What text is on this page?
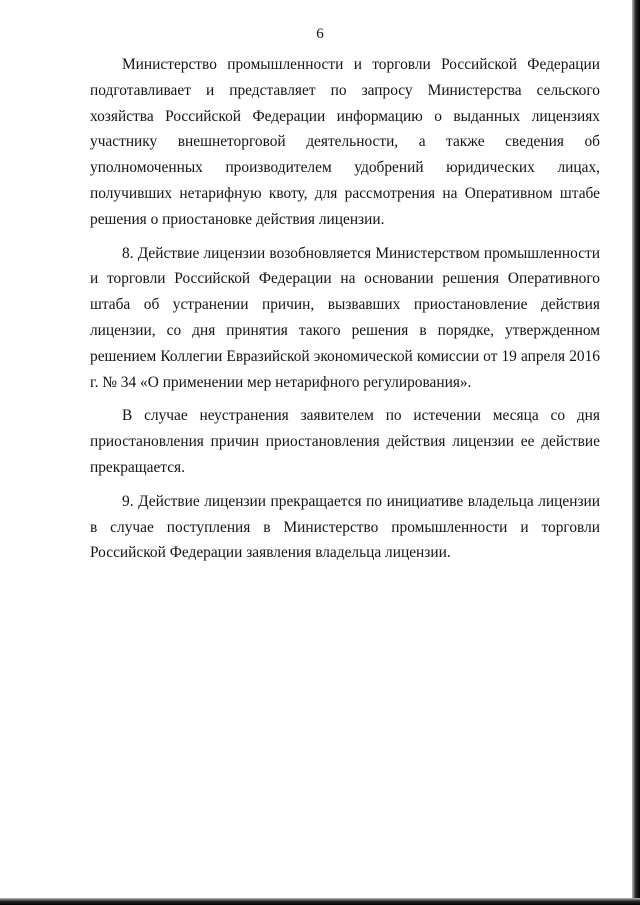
6

Министерство промышленности и торговли Российской Федерации подготавливает и представляет по запросу Министерства сельского хозяйства Российской Федерации информацию о выданных лицензиях участнику внешнеторговой деятельности, а также сведения об уполномоченных производителем удобрений юридических лицах, получивших нетарифную квоту, для рассмотрения на Оперативном штабе решения о приостановке действия лицензии.

8. Действие лицензии возобновляется Министерством промышленности и торговли Российской Федерации на основании решения Оперативного штаба об устранении причин, вызвавших приостановление действия лицензии, со дня принятия такого решения в порядке, утвержденном решением Коллегии Евразийской экономической комиссии от 19 апреля 2016 г. № 34 «О применении мер нетарифного регулирования».

В случае неустранения заявителем по истечении месяца со дня приостановления причин приостановления действия лицензии ее действие прекращается.

9. Действие лицензии прекращается по инициативе владельца лицензии в случае поступления в Министерство промышленности и торговли Российской Федерации заявления владельца лицензии.
